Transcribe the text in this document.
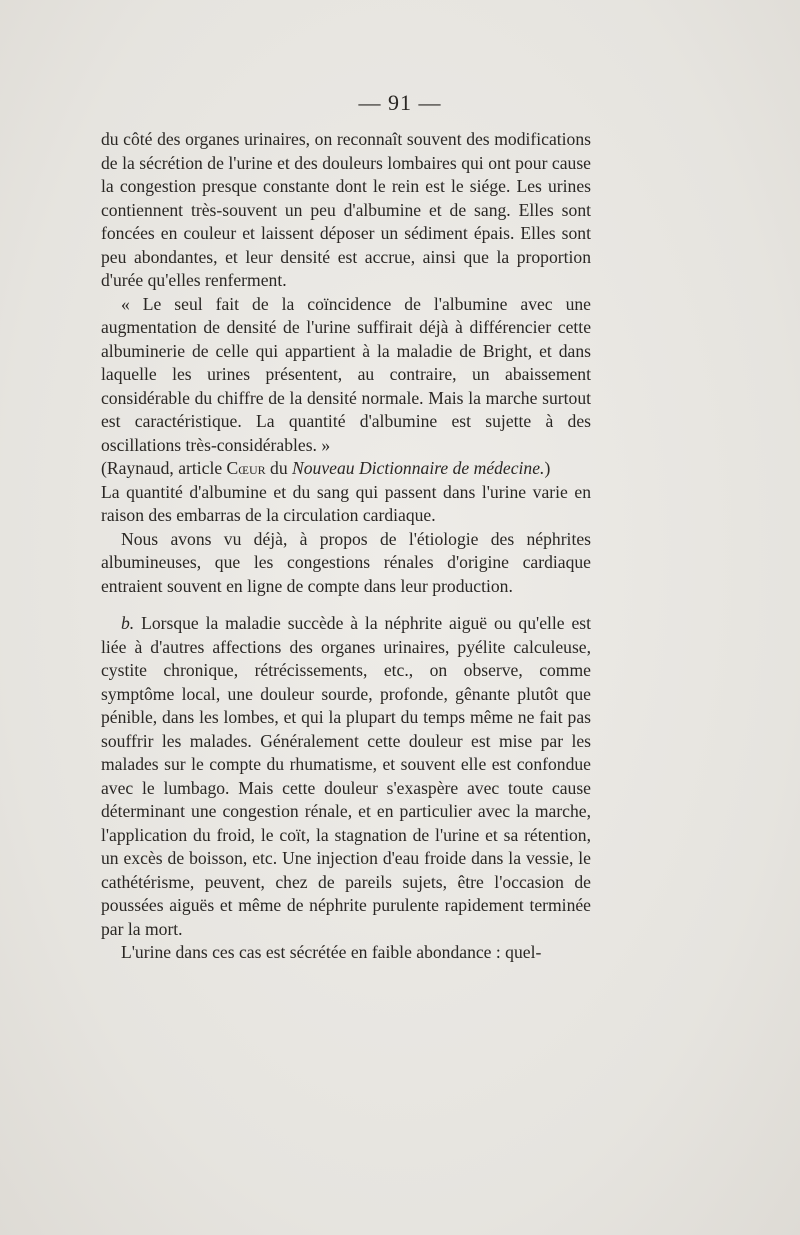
— 91 —

du côté des organes urinaires, on reconnaît souvent des modifications de la sécrétion de l'urine et des douleurs lombaires qui ont pour cause la congestion presque constante dont le rein est le siége. Les urines contiennent très-souvent un peu d'albumine et de sang. Elles sont foncées en couleur et laissent déposer un sédiment épais. Elles sont peu abondantes, et leur densité est accrue, ainsi que la proportion d'urée qu'elles renferment.

« Le seul fait de la coïncidence de l'albumine avec une augmentation de densité de l'urine suffirait déjà à différencier cette albuminerie de celle qui appartient à la maladie de Bright, et dans laquelle les urines présentent, au contraire, un abaissement considérable du chiffre de la densité normale. Mais la marche surtout est caractéristique. La quantité d'albumine est sujette à des oscillations très-considérables. »

(Raynaud, article Cœur du Nouveau Dictionnaire de médecine.)

La quantité d'albumine et du sang qui passent dans l'urine varie en raison des embarras de la circulation cardiaque.

Nous avons vu déjà, à propos de l'étiologie des néphrites albumineuses, que les congestions rénales d'origine cardiaque entraient souvent en ligne de compte dans leur production.

b. Lorsque la maladie succède à la néphrite aiguë ou qu'elle est liée à d'autres affections des organes urinaires, pyélite calculeuse, cystite chronique, rétrécissements, etc., on observe, comme symptôme local, une douleur sourde, profonde, gênante plutôt que pénible, dans les lombes, et qui la plupart du temps même ne fait pas souffrir les malades. Généralement cette douleur est mise par les malades sur le compte du rhumatisme, et souvent elle est confondue avec le lumbago. Mais cette douleur s'exaspère avec toute cause déterminant une congestion rénale, et en particulier avec la marche, l'application du froid, le coït, la stagnation de l'urine et sa rétention, un excès de boisson, etc. Une injection d'eau froide dans la vessie, le cathétérisme, peuvent, chez de pareils sujets, être l'occasion de poussées aiguës et même de néphrite purulente rapidement terminée par la mort.

L'urine dans ces cas est sécrétée en faible abondance : quel-
